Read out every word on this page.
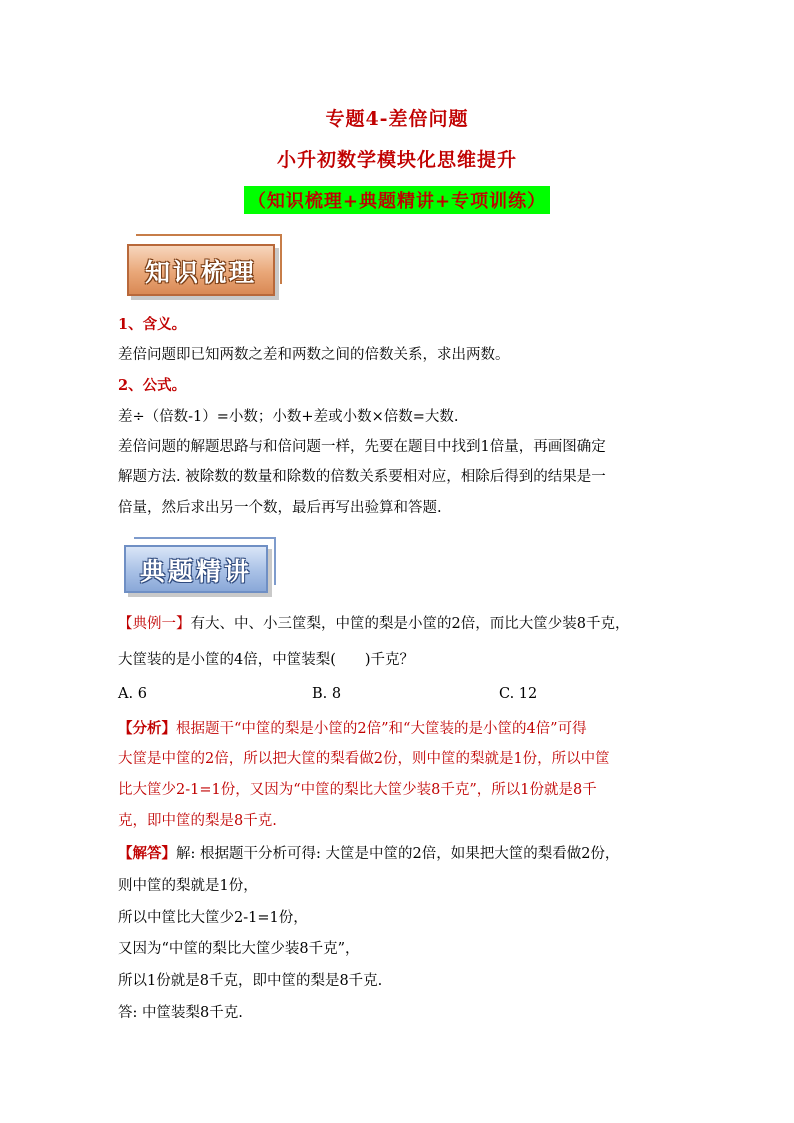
专题4-差倍问题
小升初数学模块化思维提升
（知识梳理+典题精讲+专项训练）
知识梳理
1、含义。
差倍问题即已知两数之差和两数之间的倍数关系，求出两数。
2、公式。
差÷（倍数-1）=小数；小数+差或小数×倍数=大数.
差倍问题的解题思路与和倍问题一样，先要在题目中找到1倍量，再画图确定
解题方法. 被除数的数量和除数的倍数关系要相对应，相除后得到的结果是一
倍量，然后求出另一个数，最后再写出验算和答题.
典题精讲
【典例一】有大、中、小三筐梨，中筐的梨是小筐的2倍，而比大筐少装8千克，
大筐装的是小筐的4倍，中筐装梨(　　)千克？
A. 6	B. 8	C. 12
【分析】根据题干“中筐的梨是小筐的2倍”和“大筐装的是小筐的4倍”可得
大筐是中筐的2倍，所以把大筐的梨看做2份，则中筐的梨就是1份，所以中筐
比大筐少2-1=1份，又因为“中筐的梨比大筐少装8千克”，所以1份就是8千
克，即中筐的梨是8千克.
【解答】解: 根据题干分析可得: 大筐是中筐的2倍，如果把大筐的梨看做2份，
则中筐的梨就是1份，
所以中筐比大筐少2-1=1份，
又因为“中筐的梨比大筐少装8千克”，
所以1份就是8千克，即中筐的梨是8千克.
答: 中筐装梨8千克.
